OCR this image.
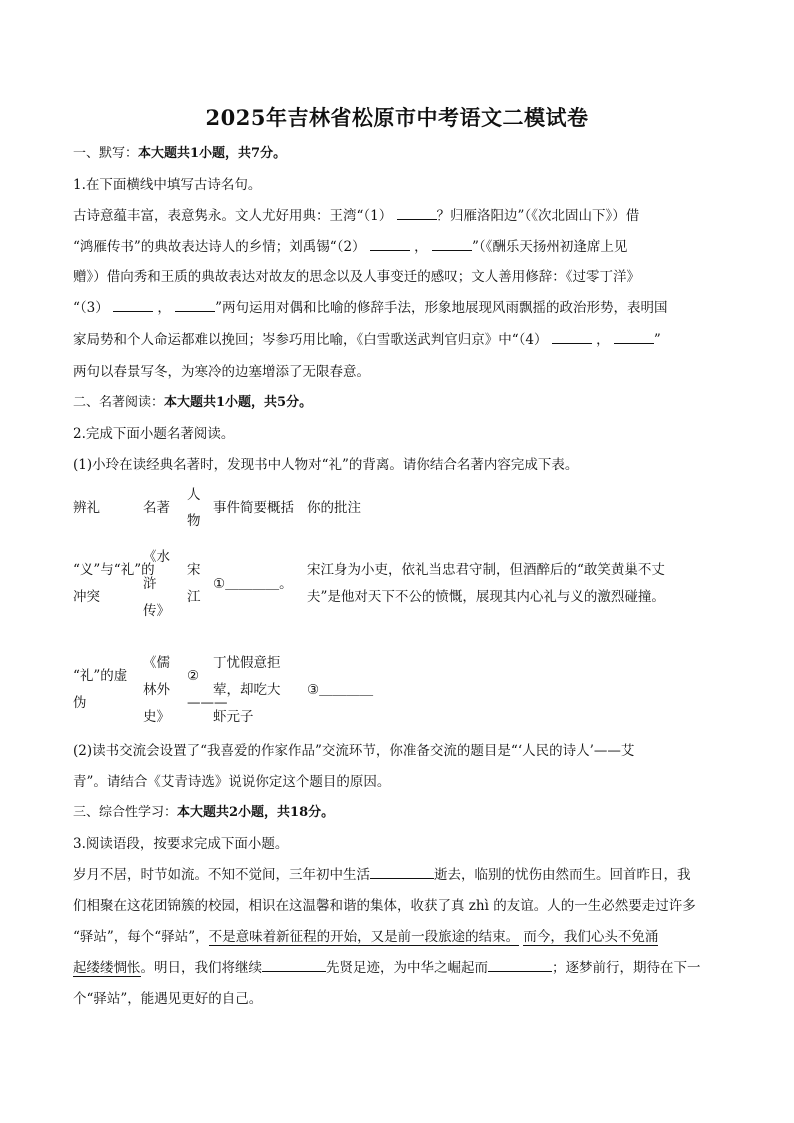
2025年吉林省松原市中考语文二模试卷
一、默写：本大题共1小题，共7分。
1.在下面横线中填写古诗名句。
古诗意蕴丰富，表意隽永。文人尤好用典：王湾“（1）	？归雁洛阳边”（《次北固山下》）借
“鸿雁传书”的典故表达诗人的乡情；刘禹锡“（2）	，	”（《酬乐天扬州初逢席上见
赠》）借向秀和王质的典故表达对故友的思念以及人事变迁的感叹；文人善用修辞：《过零丁洋》
“（3）	，	”两句运用对偶和比喻的修辞手法，形象地展现风雨飘摇的政治形势，表明国
家局势和个人命运都难以挽回；岑参巧用比喻，《白雪歌送武判官归京》中“（4）	，	”
两句以春景写冬，为寒冷的边塞增添了无限春意。
二、名著阅读：本大题共1小题，共5分。
2.完成下面小题名著阅读。
(1)小玲在读经典名著时，发现书中人物对“礼”的背离。请你结合名著内容完成下表。
辨礼	名著	人物	事件简要概括	你的批注

“义”与“礼”的冲突	《水浒传》	宋江	①＿＿＿＿。	宋江身为小吏，依礼当忠君守制，但酒醉后的“敢笑黄巢不丈夫”是他对天下不公的愤慨，展现其内心礼与义的激烈碰撞。

“礼”的虚伪	《儒林外史》	②———	丁忧假意拒荤，却吃大虾元子	③＿＿＿＿
(2)读书交流会设置了“我喜爱的作家作品”交流环节，你准备交流的题目是“‘人民的诗人’——艾
青”。请结合《艾青诗选》说说你定这个题目的原因。
三、综合性学习：本大题共2小题，共18分。
3.阅读语段，按要求完成下面小题。
岁月不居，时节如流。不知不觉间，三年初中生活	逝去，临别的忧伤由然而生。回首昨日，我
们相聚在这花团锦簇的校园，相识在这温馨和谐的集体，收获了真 zhì 的友谊。人的一生必然要走过许多
“驿站”，每个“驿站”，不是意味着新征程的开始，又是前一段旅途的结束。 而今，我们心头不免涌
起缕缕惆怅。明日，我们将继续	先贤足迹，为中华之崛起而	；逐梦前行，期待在下一
个“驿站”，能遇见更好的自己。
